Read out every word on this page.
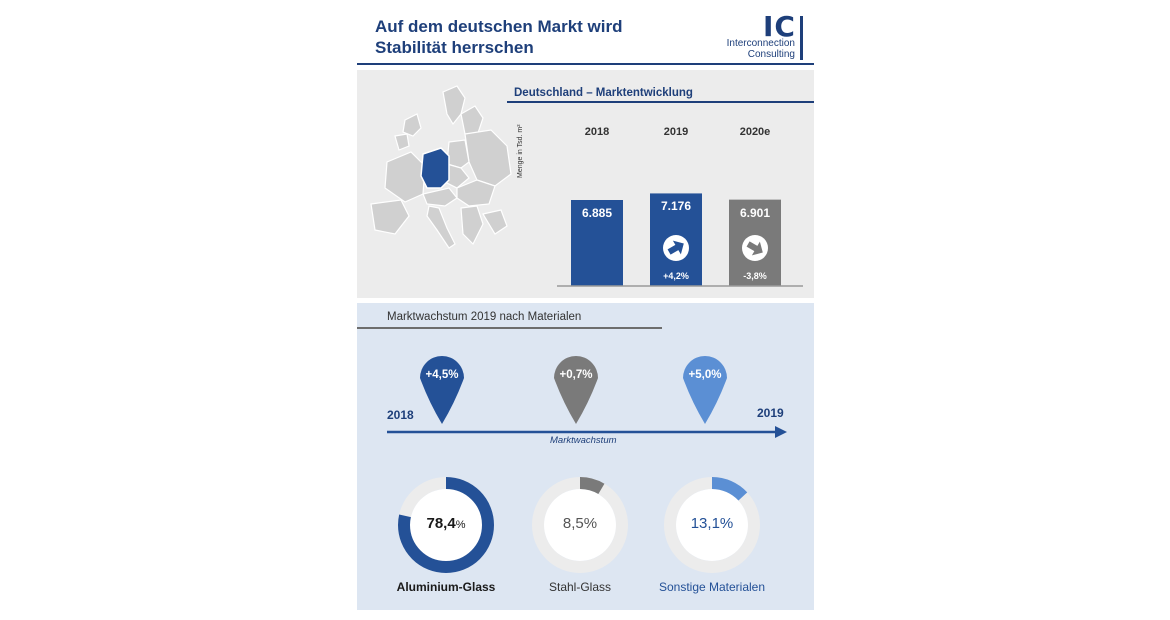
Auf dem deutschen Markt wird Stabilität herrschen
IC
Interconnection
Consulting
Deutschland – Marktentwicklung
Menge in Tsd. m²	2018
6.885
2019
7.176
+4,2%
2020e
6.901
-3,8%
Marktwachstum 2019 nach Materialen
2018	2019
Marktwachstum
+4,5%	+0,7%	+5,0%
78,4%
Aluminium-Glass
8,5%
Stahl-Glass
13,1%
Sonstige Materialen
